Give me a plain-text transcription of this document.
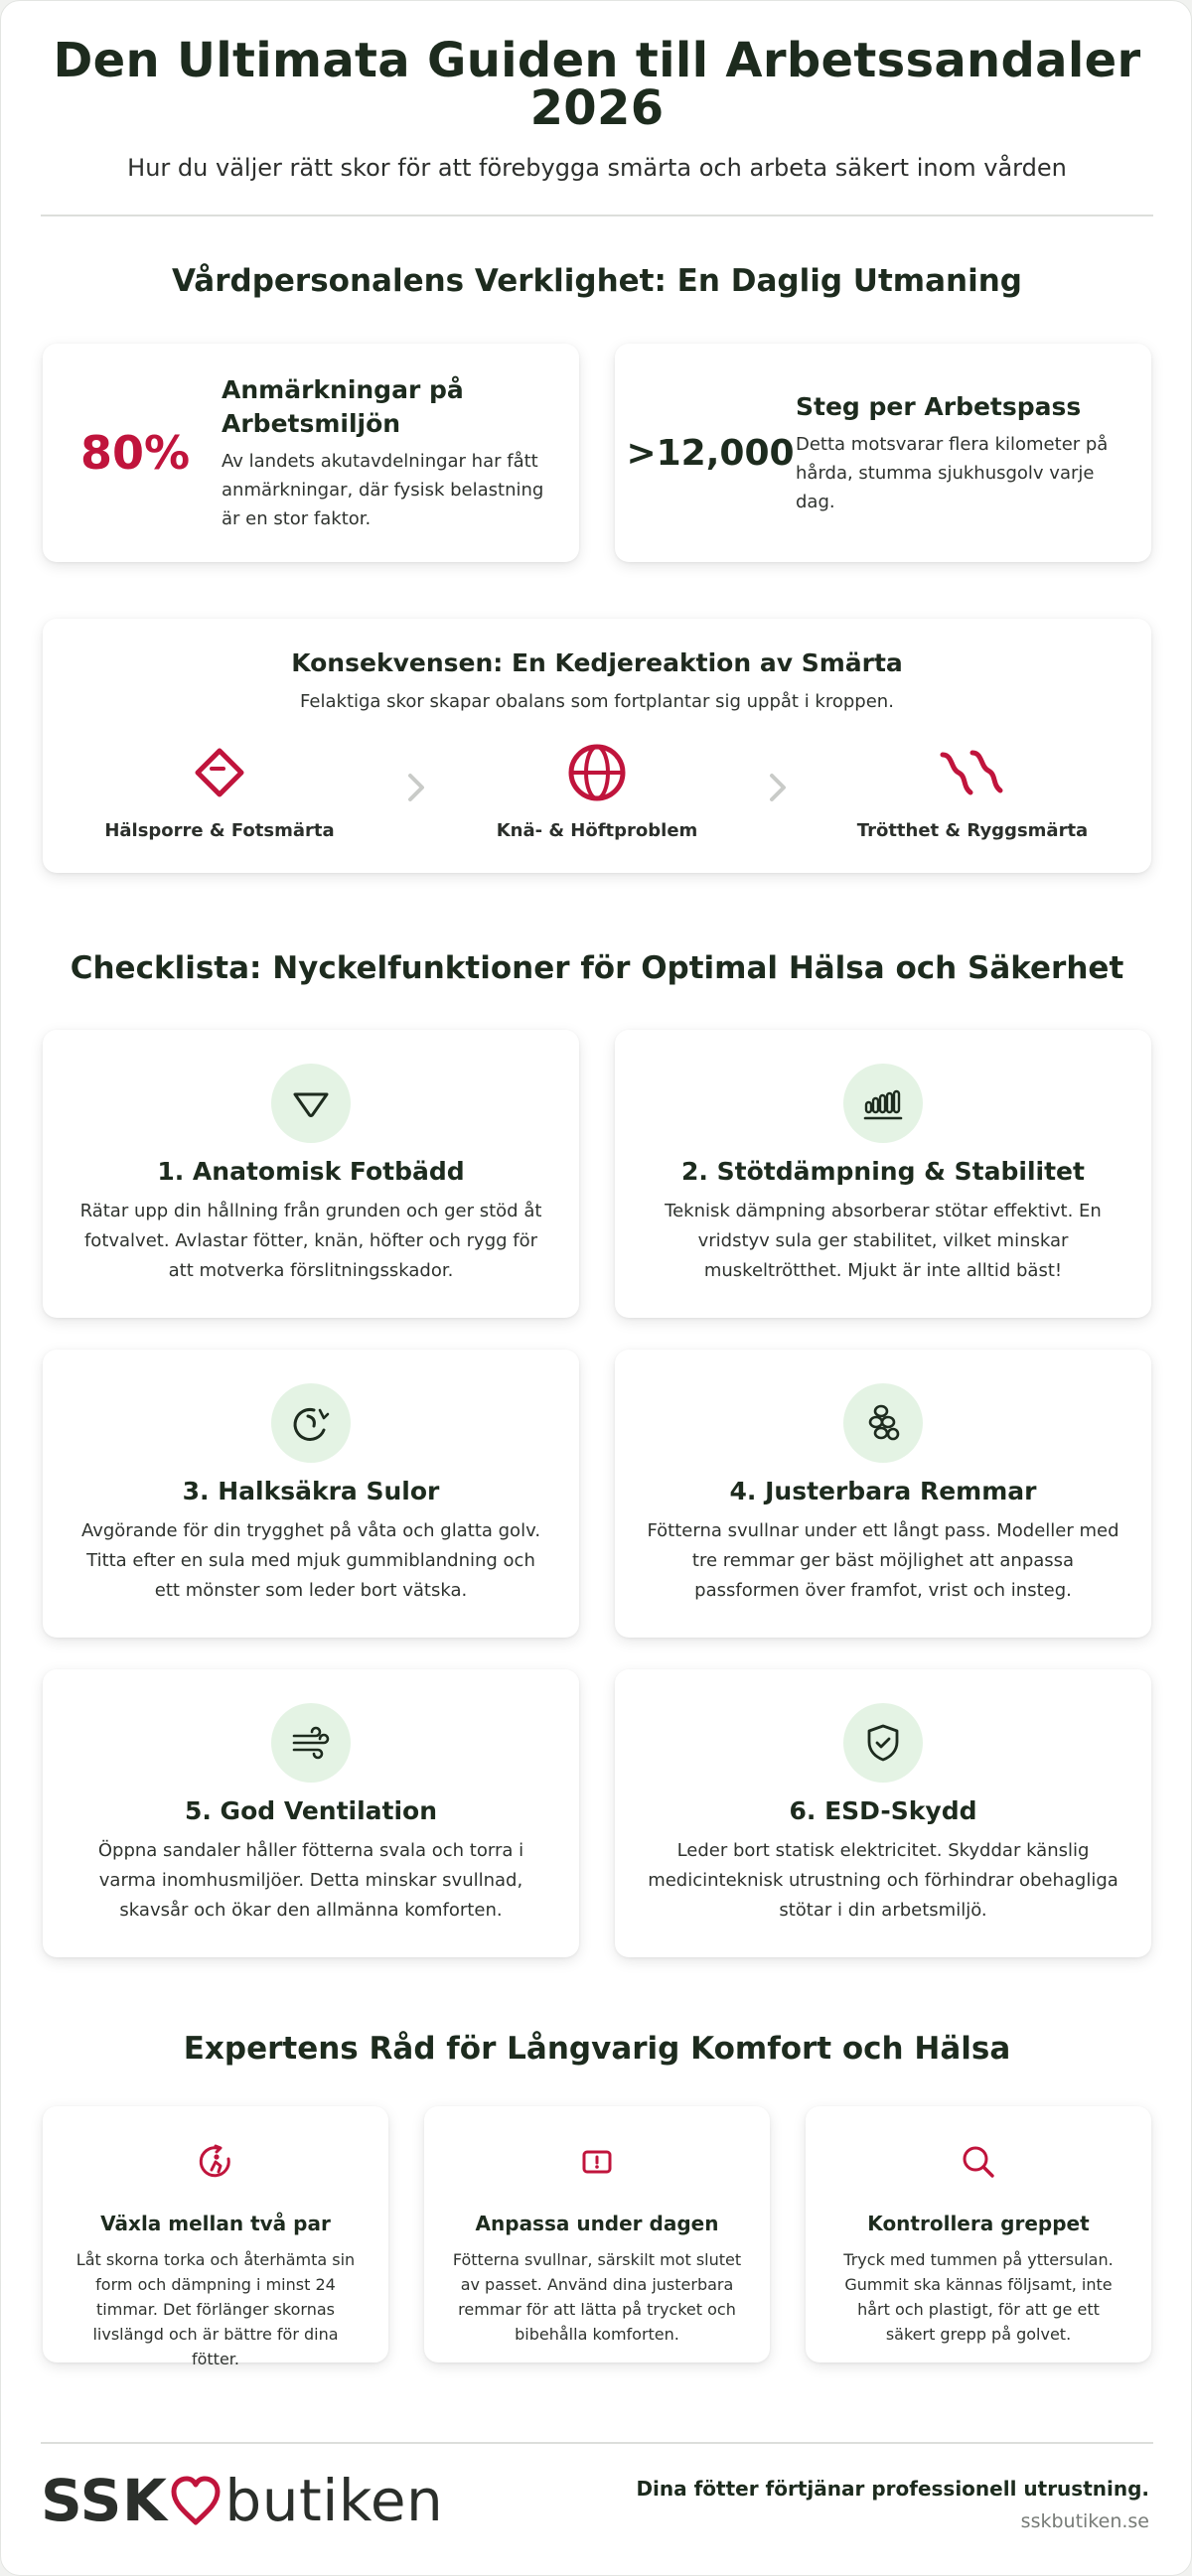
Den Ultimata Guiden till Arbetssandaler 2026
Hur du väljer rätt skor för att förebygga smärta och arbeta säkert inom vården
Vårdpersonalens Verklighet: En Daglig Utmaning
80%
Anmärkningar på Arbetsmiljön
Av landets akutavdelningar har fått anmärkningar, där fysisk belastning är en stor faktor.
>12,000
Steg per Arbetspass
Detta motsvarar flera kilometer på hårda, stumma sjukhusgolv varje dag.
Konsekvensen: En Kedjereaktion av Smärta
Felaktiga skor skapar obalans som fortplantar sig uppåt i kroppen.
Hälsporre & Fotsmärta	Knä- & Höftproblem	Trötthet & Ryggsmärta
Checklista: Nyckelfunktioner för Optimal Hälsa och Säkerhet
1. Anatomisk Fotbädd
Rätar upp din hållning från grunden och ger stöd åt fotvalvet. Avlastar fötter, knän, höfter och rygg för att motverka förslitningsskador.
2. Stötdämpning & Stabilitet
Teknisk dämpning absorberar stötar effektivt. En vridstyv sula ger stabilitet, vilket minskar muskeltrötthet. Mjukt är inte alltid bäst!
3. Halksäkra Sulor
Avgörande för din trygghet på våta och glatta golv. Titta efter en sula med mjuk gummiblandning och ett mönster som leder bort vätska.
4. Justerbara Remmar
Fötterna svullnar under ett långt pass. Modeller med tre remmar ger bäst möjlighet att anpassa passformen över framfot, vrist och insteg.
5. God Ventilation
Öppna sandaler håller fötterna svala och torra i varma inomhusmiljöer. Detta minskar svullnad, skavsår och ökar den allmänna komforten.
6. ESD-Skydd
Leder bort statisk elektricitet. Skyddar känslig medicinteknisk utrustning och förhindrar obehagliga stötar i din arbetsmiljö.
Expertens Råd för Långvarig Komfort och Hälsa
Växla mellan två par
Låt skorna torka och återhämta sin form och dämpning i minst 24 timmar. Det förlänger skornas livslängd och är bättre för dina fötter.
Anpassa under dagen
Fötterna svullnar, särskilt mot slutet av passet. Använd dina justerbara remmar för att lätta på trycket och bibehålla komforten.
Kontrollera greppet
Tryck med tummen på yttersulan. Gummit ska kännas följsamt, inte hårt och plastigt, för att ge ett säkert grepp på golvet.
SSK butiken	Dina fötter förtjänar professionell utrustning.
sskbutiken.se
